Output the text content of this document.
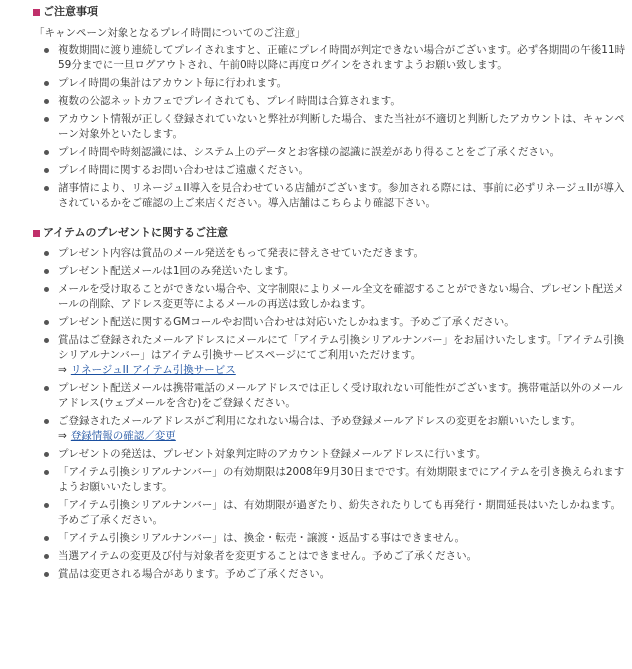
ご注意事項
「キャンペーン対象となるプレイ時間についてのご注意」
複数期間に渡り連続してプレイされますと、正確にプレイ時間が判定できない場合がございます。必ず各期間の午後11時59分までに一旦ログアウトされ、午前0時以降に再度ログインをされますようお願い致します。
プレイ時間の集計はアカウント毎に行われます。
複数の公認ネットカフェでプレイされても、プレイ時間は合算されます。
アカウント情報が正しく登録されていないと弊社が判断した場合、また当社が不適切と判断したアカウントは、キャンペーン対象外といたします。
プレイ時間や時刻認識には、システム上のデータとお客様の認識に誤差があり得ることをご了承ください。
プレイ時間に関するお問い合わせはご遠慮ください。
諸事情により、リネージュII導入を見合わせている店舗がございます。参加される際には、事前に必ずリネージュIIが導入されているかをご確認の上ご来店ください。導入店舗はこちらより確認下さい。
アイテムのプレゼントに関するご注意
プレゼント内容は賞品のメール発送をもって発表に替えさせていただきます。
プレゼント配送メールは1回のみ発送いたします。
メールを受け取ることができない場合や、文字制限によりメール全文を確認することができない場合、プレゼント配送メールの削除、アドレス変更等によるメールの再送は致しかねます。
プレゼント配送に関するGMコールやお問い合わせは対応いたしかねます。予めご了承ください。
賞品はご登録されたメールアドレスにメールにて「アイテム引換シリアルナンバー」をお届けいたします。「アイテム引換シリアルナンバー」はアイテム引換サービスページにてご利用いただけます。
⇒ リネージュII アイテム引換サービス
プレゼント配送メールは携帯電話のメールアドレスでは正しく受け取れない可能性がございます。携帯電話以外のメールアドレス(ウェブメールを含む)をご登録ください。
ご登録されたメールアドレスがご利用になれない場合は、予め登録メールアドレスの変更をお願いいたします。
⇒ 登録情報の確認／変更
プレゼントの発送は、プレゼント対象判定時のアカウント登録メールアドレスに行います。
「アイテム引換シリアルナンバー」の有効期限は2008年9月30日までです。有効期限までにアイテムを引き換えられますようお願いいたします。
「アイテム引換シリアルナンバー」は、有効期限が過ぎたり、紛失されたりしても再発行・期間延長はいたしかねます。予めご了承ください。
「アイテム引換シリアルナンバー」は、換金・転売・譲渡・返品する事はできません。
当選アイテムの変更及び付与対象者を変更することはできません。予めご了承ください。
賞品は変更される場合があります。予めご了承ください。
